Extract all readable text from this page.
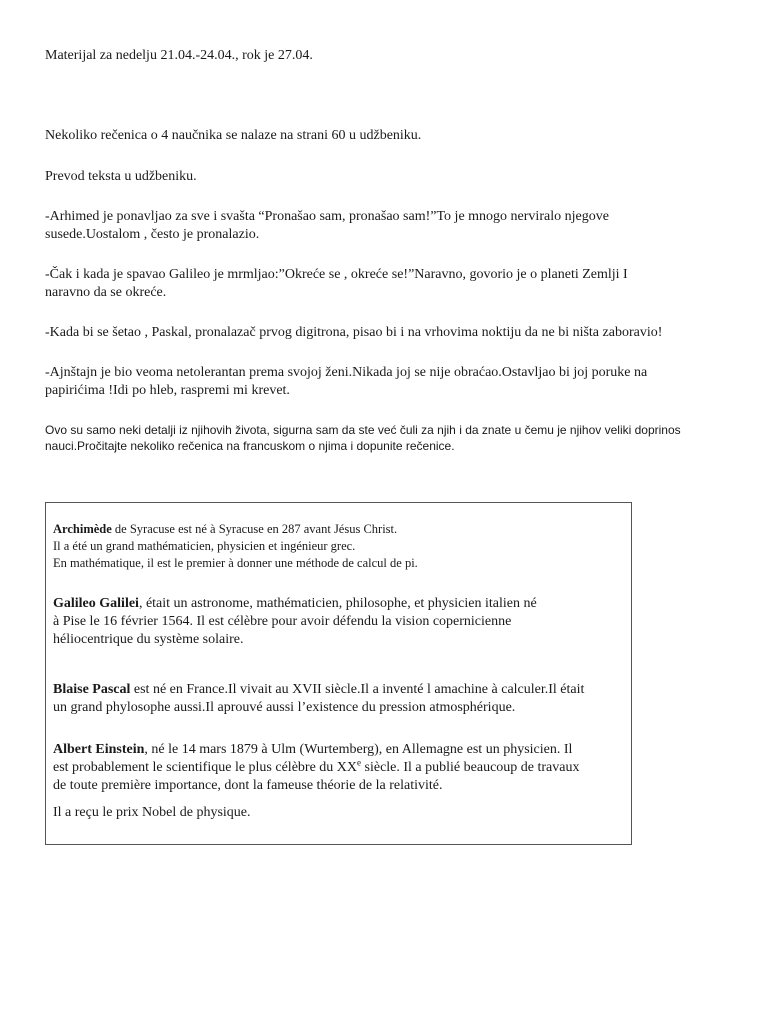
Materijal za nedelju 21.04.-24.04., rok je 27.04.

Nekoliko rečenica o 4 naučnika se nalaze na strani 60 u udžbeniku.

Prevod teksta u udžbeniku.

-Arhimed je ponavljao za sve i svašta “Pronašao sam, pronašao sam!”To je mnogo nerviralo njegove
susede.Uostalom , često je pronalazio.

-Čak i kada je spavao Galileo je mrmljao:”Okreće se , okreće se!”Naravno, govorio je o planeti Zemlji I
naravno da se okreće.

-Kada bi se šetao , Paskal, pronalazač prvog digitrona, pisao bi i na vrhovima noktiju da ne bi ništa zaboravio!

-Ajnštajn je bio veoma netolerantan prema svojoj ženi.Nikada joj se nije obraćao.Ostavljao bi joj poruke na
papirićima !Idi po hleb, raspremi mi krevet.

Ovo su samo neki detalji iz njihovih života, sigurna sam da ste već čuli za njih i da znate u čemu je njihov veliki doprinos
nauci.Pročitajte nekoliko rečenica na francuskom o njima i dopunite rečenice.

Archimède de Syracuse est né à Syracuse en 287 avant Jésus Christ.
Il a été un grand mathématicien, physicien et ingénieur grec.
En mathématique, il est le premier à donner une méthode de calcul de pi.

Galileo Galilei, était un astronome, mathématicien, philosophe, et physicien italien né
à Pise le 16 février 1564. Il est célèbre pour avoir défendu la vision copernicienne
héliocentrique du système solaire.

Blaise Pascal est né en France.Il vivait au XVII siècle.Il a inventé l amachine à calculer.Il était
un grand phylosophe aussi.Il aprouvé aussi l’existence du pression atmosphérique.

Albert Einstein, né le 14 mars 1879 à Ulm (Wurtemberg), en Allemagne est un physicien. Il
est probablement le scientifique le plus célèbre du XXe siècle. Il a publié beaucoup de travaux
de toute première importance, dont la fameuse théorie de la relativité.

Il a reçu le prix Nobel de physique.
